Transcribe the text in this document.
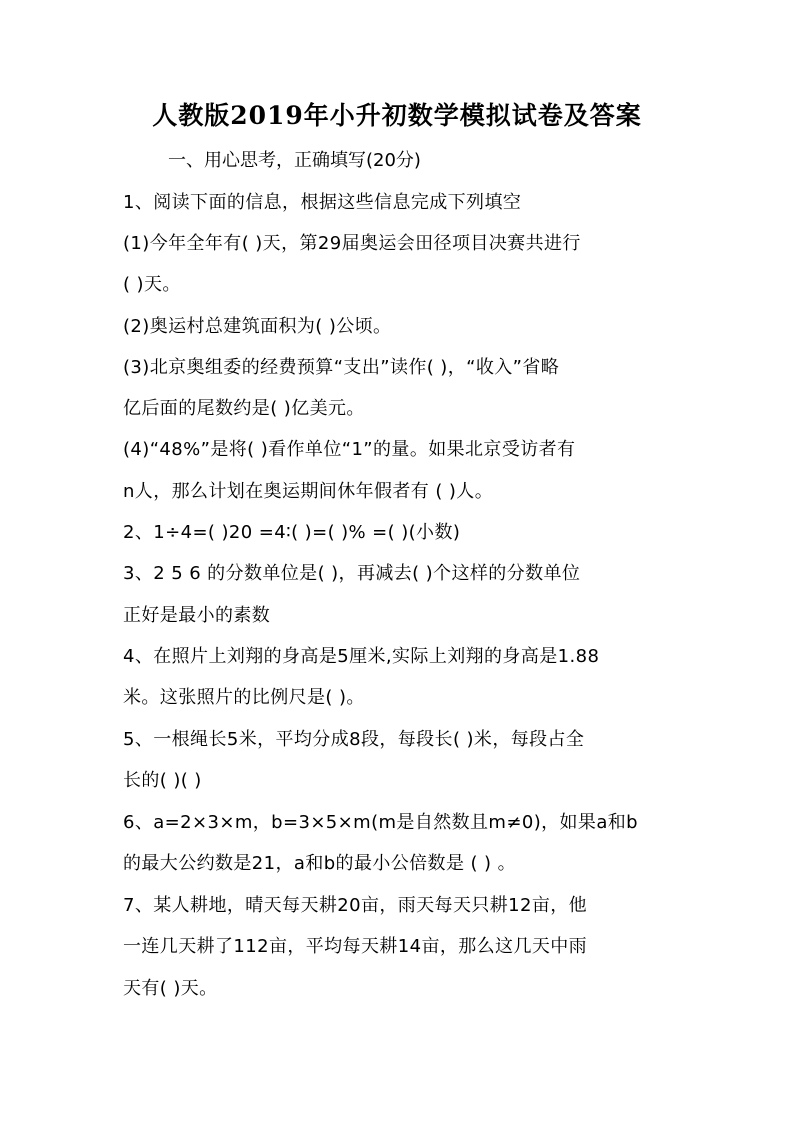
人教版2019年小升初数学模拟试卷及答案
一、用心思考，正确填写(20分)
1、阅读下面的信息，根据这些信息完成下列填空
(1)今年全年有( )天，第29届奥运会田径项目决赛共进行
( )天。
(2)奥运村总建筑面积为( )公顷。
(3)北京奥组委的经费预算“支出”读作( )，“收入”省略
亿后面的尾数约是( )亿美元。
(4)“48%”是将( )看作单位“1”的量。如果北京受访者有
n人，那么计划在奥运期间休年假者有 ( )人。
2、1÷4=( )20 =4∶( )=( )% =( )(小数)
3、2 5 6 的分数单位是( )，再减去( )个这样的分数单位
正好是最小的素数
4、在照片上刘翔的身高是5厘米,实际上刘翔的身高是1.88
米。这张照片的比例尺是( )。
5、一根绳长5米，平均分成8段，每段长( )米，每段占全
长的( )( )
6、a=2×3×m，b=3×5×m(m是自然数且m≠0)，如果a和b
的最大公约数是21，a和b的最小公倍数是 ( ) 。
7、某人耕地，晴天每天耕20亩，雨天每天只耕12亩，他
一连几天耕了112亩，平均每天耕14亩，那么这几天中雨
天有( )天。
